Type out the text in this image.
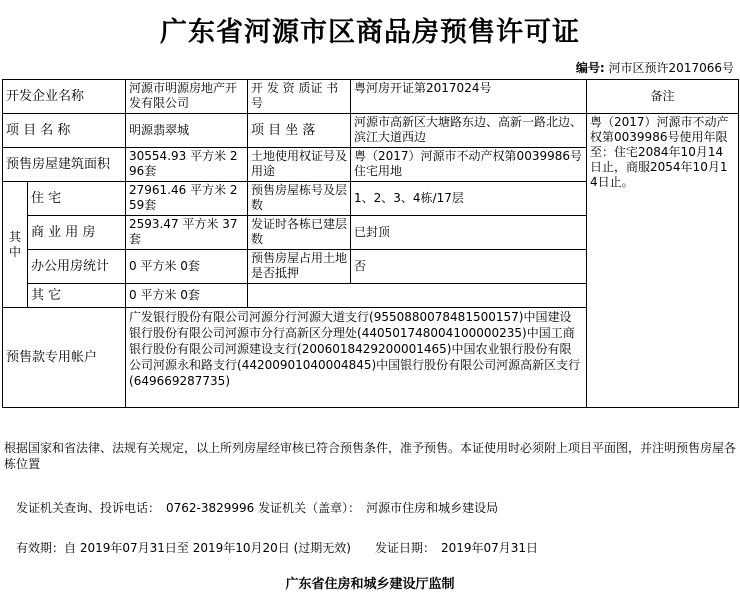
广东省河源市区商品房预售许可证
编号: 河市区预许2017066号
开发企业名称		河源市明源房地产开发有限公司	开 发 资 质证 书 号	粤河房开证第2017024号	备注
项 目 名 称		明源翡翠城	项 目 坐 落	河源市高新区大塘路东边、高新一路北边、滨江大道西边	粤（2017）河源市不动产权第0039986号使用年限至：住宅2084年10月14日止，商服2054年10月14日止。
预售房屋建筑面积		30554.93 平方米 296套	土地使用权证号及用途	粤（2017）河源市不动产权第0039986号 住宅用地	
其中	住 宅	27961.46 平方米 259套	预售房屋栋号及层数	1、2、3、4栋/17层	
	商 业 用 房	2593.47 平方米 37套	发证时各栋已建层数	已封顶	
	办公用房统计	0 平方米 0套	预售房屋占用土地是否抵押	否	
	其 它	0 平方米 0套			
预售款专用帐户		广发银行股份有限公司河源分行河源大道支行(9550880078481500157)中国建设银行股份有限公司河源市分行高新区分理处(44050174800410000023​5)中国工商银行股份有限公司河源建设支行(2006018429200001465)中国农业银行股份有限公司河源永和路支行(44200901040004845)中国银行股份有限公司河源高新区支行(649669287735)			
根据国家和省法律、法规有关规定，以上所列房屋经审核已符合预售条件，准予预售。本证使用时必须附上项目平面图，并注明预售房屋各栋位置
发证机关查询、投诉电话：　0762-3829996 发证机关（盖章）：　河源市住房和城乡建设局
有效期：自 2019年07月31日至 2019年10月20日 (过期无效)　　发证日期：　2019年07月31日
广东省住房和城乡建设厅监制
